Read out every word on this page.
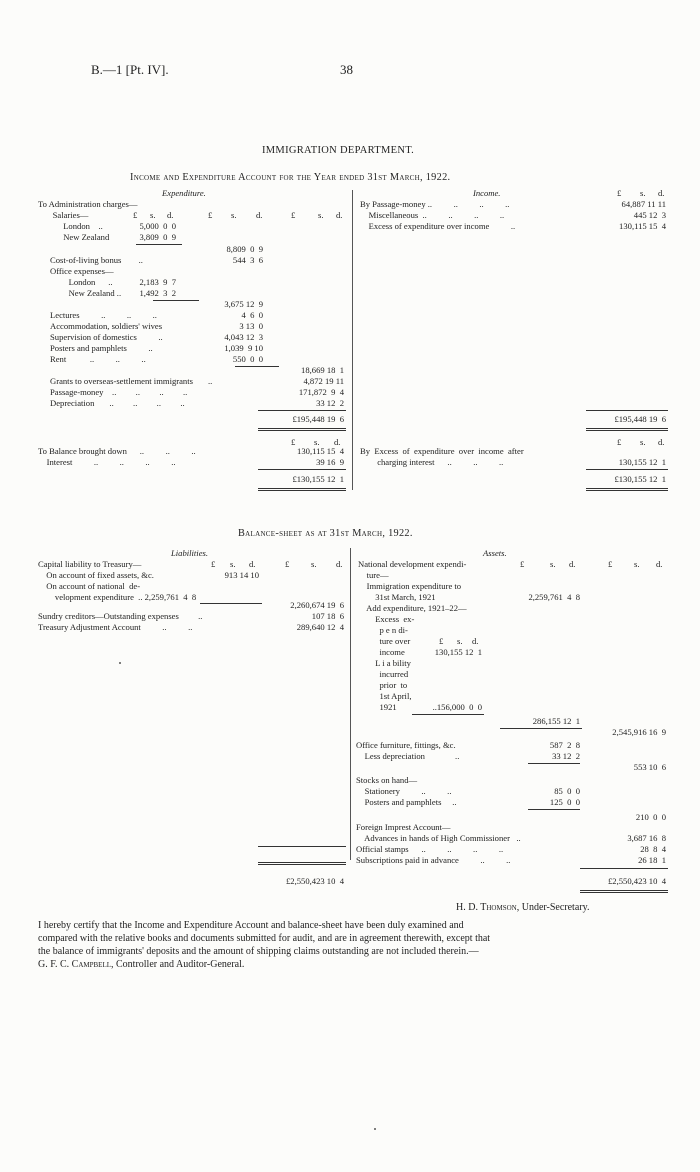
B.—1 [Pt. IV].	38
IMMIGRATION DEPARTMENT.
Income and Expenditure Account for the Year ended 31st March, 1922.
Expenditure.	Income.
£ s. d.	£ s. d.	£	s. d.
£ s. d.
To Administration charges—
Salaries—
London    ..	5,000  0  0
New Zealand	3,809  0  9
8,809  0  9
Cost-of-living bonus        ..	544  3  6
Office expenses—
London      ..	2,183  9  7
New Zealand ..	1,492  3  2
3,675 12  9
Lectures          ..          ..          ..	4  6  0
Accommodation, soldiers' wives	3 13  0
Supervision of domestics          ..	4,043 12  3
Posters and pamphlets          ..	1,039  9 10
Rent           ..          ..          ..	550  0  0
18,669 18  1
Grants to overseas-settlement immigrants       ..	4,872 19 11
Passage-money    ..         ..         ..         ..	171,872  9  4
Depreciation       ..         ..         ..         ..	33 12  2
£195,448 19  6
By Passage-money ..          ..          ..          ..	64,887 11 11
Miscellaneous  ..          ..          ..          ..	445 12  3
Excess of expenditure over income          ..	130,115 15  4
£195,448 19  6
£ s. d.
To Balance brought down      ..          ..          ..	130,115 15  4
Interest          ..          ..          ..          ..	39 16  9
£130,155 12  1
£ s. d.
By  Excess  of  expenditure  over  income  after
charging interest      ..          ..          ..	130,155 12  1
£130,155 12  1
Balance-sheet as at 31st March, 1922.
Liabilities.	Assets.
£ s. d.	£	s. d.
Capital liability to Treasury—
On account of fixed assets, &c.	913 14 10
On account of national  de-
velopment expenditure  .. 2,259,761  4  8
2,260,674 19  6
Sundry creditors—Outstanding expenses         ..	107 18  6
Treasury Adjustment Account          ..          ..	289,640 12  4
£2,550,423 10  4
£	s. d.	£	s. d.
National development expendi-
ture—
Immigration expenditure to
31st March, 1921	2,259,761  4  8
Add expenditure, 1921–22—
Excess  ex-
p e n di-
ture over	£ s. d.
income	130,155 12  1
L i a bility
incurred
prior  to
1st April,
1921	..156,000  0  0
286,155 12  1
2,545,916 16  9
Office furniture, fittings, &c.	587  2  8
Less depreciation              ..	33 12  2
553 10  6
Stocks on hand—
Stationery          ..          ..	85  0  0
Posters and pamphlets     ..	125  0  0
210  0  0
Foreign Imprest Account—
Advances in hands of High Commissioner   ..	3,687 16  8
Official stamps      ..          ..          ..          ..	28  8  4
Subscriptions paid in advance          ..          ..	26 18  1
£2,550,423 10  4
H. D. Thomson, Under-Secretary.
I hereby certify that the Income and Expenditure Account and balance-sheet have been duly examined and
compared with the relative books and documents submitted for audit, and are in agreement therewith, except that
the balance of immigrants' deposits and the amount of shipping claims outstanding are not included therein.—
G. F. C. Campbell, Controller and Auditor-General.
